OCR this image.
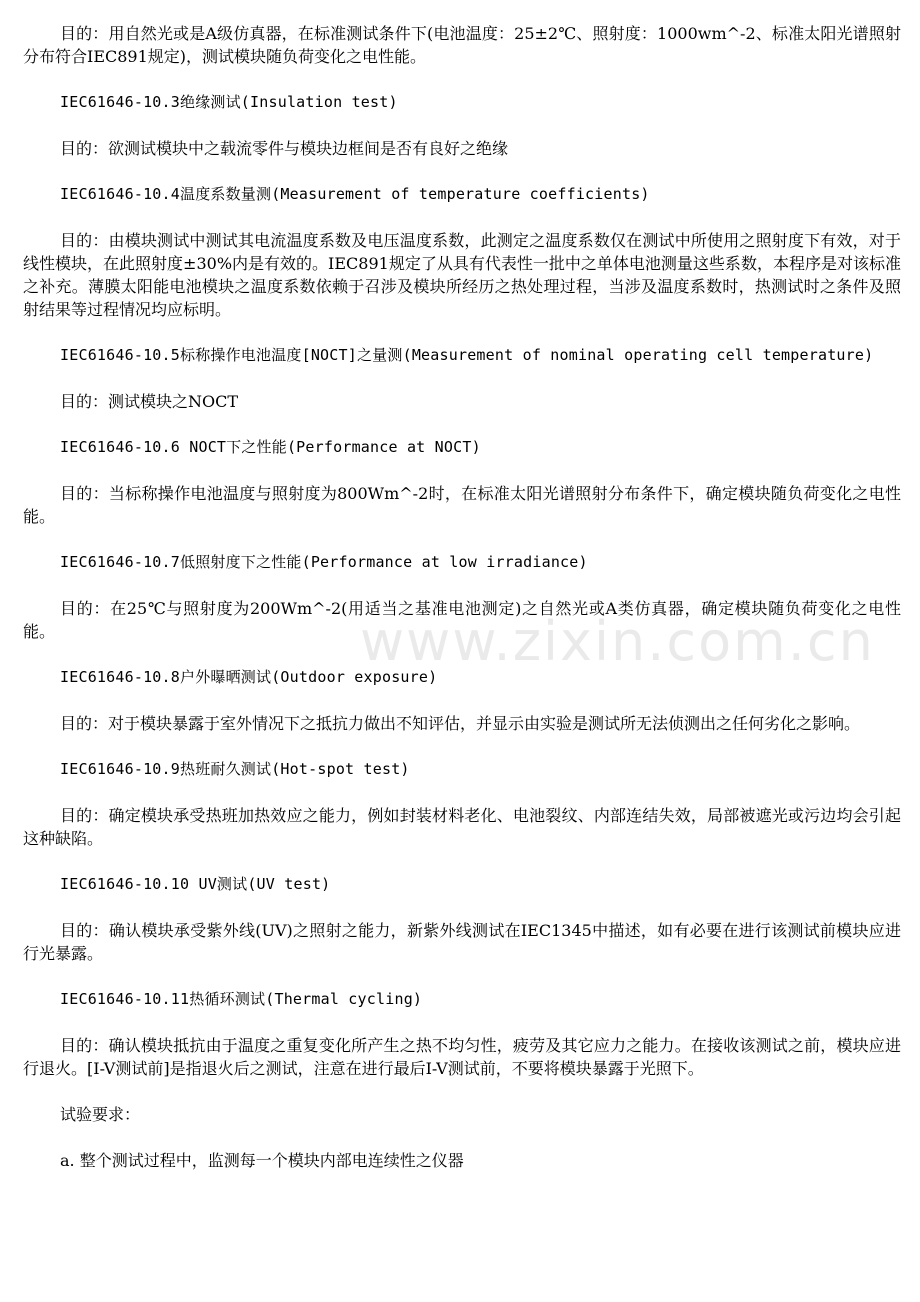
www.zixin.com.cn

目的：用自然光或是A级仿真器，在标准测试条件下(电池温度：25±2℃、照射度：1000wm^-2、标准太阳光谱照射分布符合IEC891规定)，测试模块随负荷变化之电性能。

IEC61646-10.3绝缘测试(Insulation test)

目的：欲测试模块中之载流零件与模块边框间是否有良好之绝缘

IEC61646-10.4温度系数量测(Measurement of temperature coefficients)

目的：由模块测试中测试其电流温度系数及电压温度系数，此测定之温度系数仅在测试中所使用之照射度下有效，对于线性模块，在此照射度±30%内是有效的。IEC891规定了从具有代表性一批中之单体电池测量这些系数，本程序是对该标准之补充。薄膜太阳能电池模块之温度系数依赖于召涉及模块所经历之热处理过程，当涉及温度系数时，热测试时之条件及照射结果等过程情况均应标明。

IEC61646-10.5标称操作电池温度[NOCT]之量测(Measurement of nominal operating cell temperature)

目的：测试模块之NOCT

IEC61646-10.6 NOCT下之性能(Performance at NOCT)

目的：当标称操作电池温度与照射度为800Wm^-2时，在标准太阳光谱照射分布条件下，确定模块随负荷变化之电性能。

IEC61646-10.7低照射度下之性能(Performance at low irradiance)

目的：在25℃与照射度为200Wm^-2(用适当之基准电池测定)之自然光或A类仿真器，确定模块随负荷变化之电性能。

IEC61646-10.8户外曝晒测试(Outdoor exposure)

目的：对于模块暴露于室外情况下之抵抗力做出不知评估，并显示由实验是测试所无法侦测出之任何劣化之影响。

IEC61646-10.9热班耐久测试(Hot-spot test)

目的：确定模块承受热班加热效应之能力，例如封装材料老化、电池裂纹、内部连结失效，局部被遮光或污边均会引起这种缺陷。

IEC61646-10.10 UV测试(UV test)

目的：确认模块承受紫外线(UV)之照射之能力，新紫外线测试在IEC1345中描述，如有必要在进行该测试前模块应进行光暴露。

IEC61646-10.11热循环测试(Thermal cycling)

目的：确认模块抵抗由于温度之重复变化所产生之热不均匀性，疲劳及其它应力之能力。在接收该测试之前，模块应进行退火。[I-V测试前]是指退火后之测试，注意在进行最后I-V测试前，不要将模块暴露于光照下。

试验要求：

a. 整个测试过程中，监测每一个模块内部电连续性之仪器
